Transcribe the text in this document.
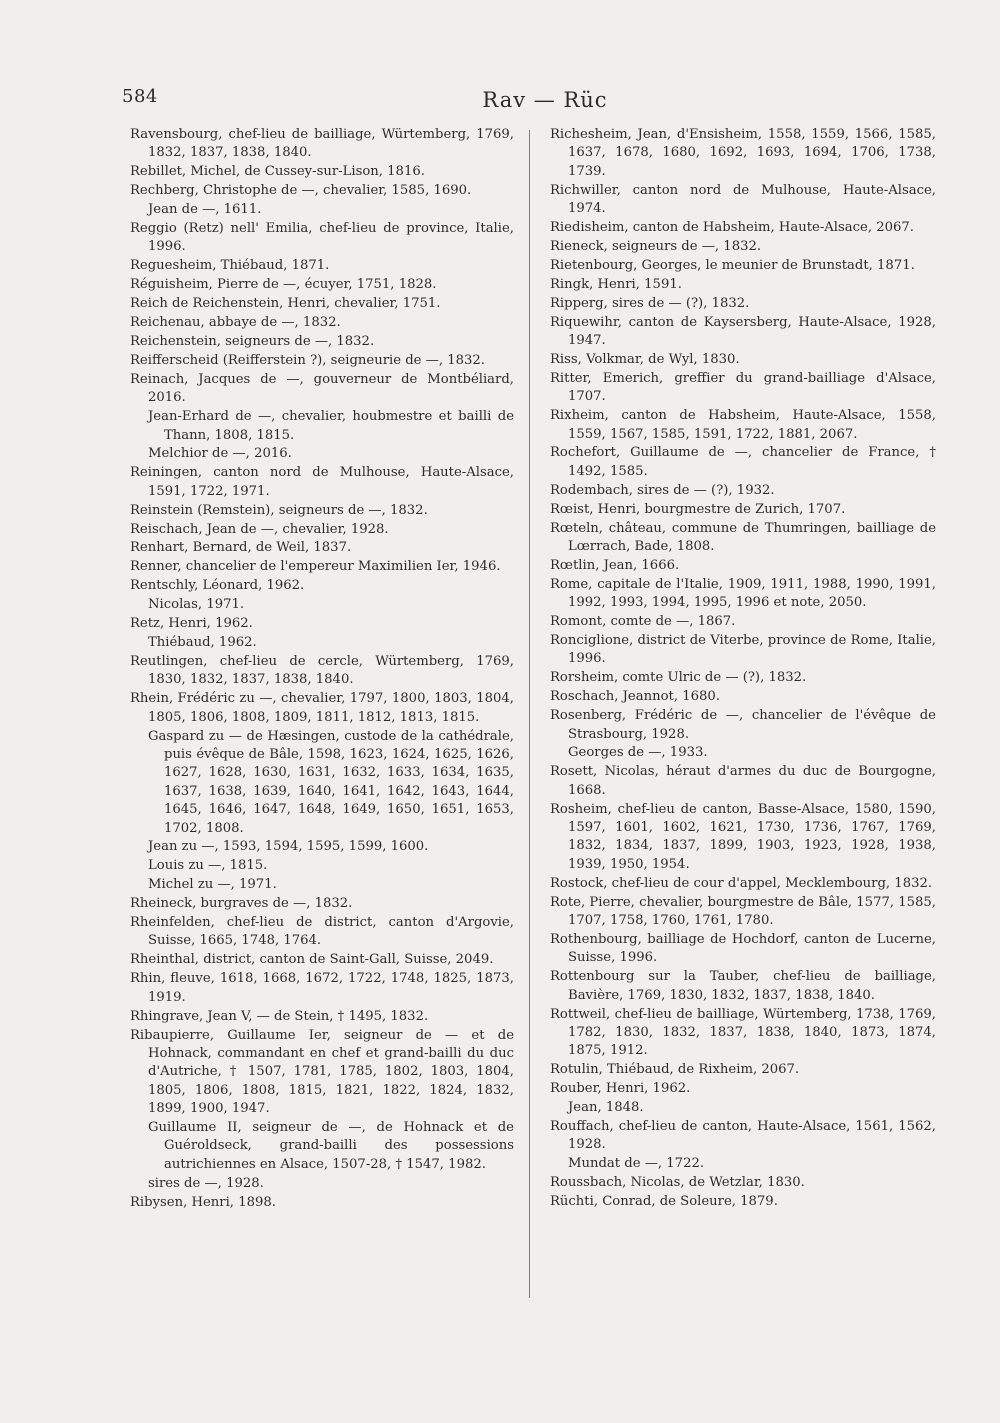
584	Rav — Rüc
Ravensbourg, chef-lieu de bailliage, Würtemberg, 1769, 1832, 1837, 1838, 1840.
Rebillet, Michel, de Cussey-sur-Lison, 1816.
Rechberg, Christophe de —, chevalier, 1585, 1690.
Jean de —, 1611.
Reggio (Retz) nell' Emilia, chef-lieu de province, Italie, 1996.
Reguesheim, Thiébaud, 1871.
Réguisheim, Pierre de —, écuyer, 1751, 1828.
Reich de Reichenstein, Henri, chevalier, 1751.
Reichenau, abbaye de —, 1832.
Reichenstein, seigneurs de —, 1832.
Reifferscheid (Reifferstein ?), seigneurie de —, 1832.
Reinach, Jacques de —, gouverneur de Montbéliard, 2016.
Jean-Erhard de —, chevalier, houbmestre et bailli de Thann, 1808, 1815.
Melchior de —, 2016.
Reiningen, canton nord de Mulhouse, Haute-Alsace, 1591, 1722, 1971.
Reinstein (Remstein), seigneurs de —, 1832.
Reischach, Jean de —, chevalier, 1928.
Renhart, Bernard, de Weil, 1837.
Renner, chancelier de l'empereur Maximilien Ier, 1946.
Rentschly, Léonard, 1962.
Nicolas, 1971.
Retz, Henri, 1962.
Thiébaud, 1962.
Reutlingen, chef-lieu de cercle, Würtemberg, 1769, 1830, 1832, 1837, 1838, 1840.
Rhein, Frédéric zu —, chevalier, 1797, 1800, 1803, 1804, 1805, 1806, 1808, 1809, 1811, 1812, 1813, 1815.
Gaspard zu — de Hæsingen, custode de la cathédrale, puis évêque de Bâle, 1598, 1623, 1624, 1625, 1626, 1627, 1628, 1630, 1631, 1632, 1633, 1634, 1635, 1637, 1638, 1639, 1640, 1641, 1642, 1643, 1644, 1645, 1646, 1647, 1648, 1649, 1650, 1651, 1653, 1702, 1808.
Jean zu —, 1593, 1594, 1595, 1599, 1600.
Louis zu —, 1815.
Michel zu —, 1971.
Rheineck, burgraves de —, 1832.
Rheinfelden, chef-lieu de district, canton d'Argovie, Suisse, 1665, 1748, 1764.
Rheinthal, district, canton de Saint-Gall, Suisse, 2049.
Rhin, fleuve, 1618, 1668, 1672, 1722, 1748, 1825, 1873, 1919.
Rhingrave, Jean V, — de Stein, † 1495, 1832.
Ribaupierre, Guillaume Ier, seigneur de — et de Hohnack, commandant en chef et grand-bailli du duc d'Autriche, † 1507, 1781, 1785, 1802, 1803, 1804, 1805, 1806, 1808, 1815, 1821, 1822, 1824, 1832, 1899, 1900, 1947.
Guillaume II, seigneur de —, de Hohnack et de Guéroldseck, grand-bailli des possessions autrichiennes en Alsace, 1507-28, † 1547, 1982.
sires de —, 1928.
Ribysen, Henri, 1898.
Richesheim, Jean, d'Ensisheim, 1558, 1559, 1566, 1585, 1637, 1678, 1680, 1692, 1693, 1694, 1706, 1738, 1739.
Richwiller, canton nord de Mulhouse, Haute-Alsace, 1974.
Riedisheim, canton de Habsheim, Haute-Alsace, 2067.
Rieneck, seigneurs de —, 1832.
Rietenbourg, Georges, le meunier de Brunstadt, 1871.
Ringk, Henri, 1591.
Ripperg, sires de — (?), 1832.
Riquewihr, canton de Kaysersberg, Haute-Alsace, 1928, 1947.
Riss, Volkmar, de Wyl, 1830.
Ritter, Emerich, greffier du grand-bailliage d'Alsace, 1707.
Rixheim, canton de Habsheim, Haute-Alsace, 1558, 1559, 1567, 1585, 1591, 1722, 1881, 2067.
Rochefort, Guillaume de —, chancelier de France, † 1492, 1585.
Rodembach, sires de — (?), 1932.
Rœist, Henri, bourgmestre de Zurich, 1707.
Rœteln, château, commune de Thumringen, bailliage de Lœrrach, Bade, 1808.
Rœtlin, Jean, 1666.
Rome, capitale de l'Italie, 1909, 1911, 1988, 1990, 1991, 1992, 1993, 1994, 1995, 1996 et note, 2050.
Romont, comte de —, 1867.
Ronciglione, district de Viterbe, province de Rome, Italie, 1996.
Rorsheim, comte Ulric de — (?), 1832.
Roschach, Jeannot, 1680.
Rosenberg, Frédéric de —, chancelier de l'évêque de Strasbourg, 1928.
Georges de —, 1933.
Rosett, Nicolas, héraut d'armes du duc de Bourgogne, 1668.
Rosheim, chef-lieu de canton, Basse-Alsace, 1580, 1590, 1597, 1601, 1602, 1621, 1730, 1736, 1767, 1769, 1832, 1834, 1837, 1899, 1903, 1923, 1928, 1938, 1939, 1950, 1954.
Rostock, chef-lieu de cour d'appel, Mecklembourg, 1832.
Rote, Pierre, chevalier, bourgmestre de Bâle, 1577, 1585, 1707, 1758, 1760, 1761, 1780.
Rothenbourg, bailliage de Hochdorf, canton de Lucerne, Suisse, 1996.
Rottenbourg sur la Tauber, chef-lieu de bailliage, Bavière, 1769, 1830, 1832, 1837, 1838, 1840.
Rottweil, chef-lieu de bailliage, Würtemberg, 1738, 1769, 1782, 1830, 1832, 1837, 1838, 1840, 1873, 1874, 1875, 1912.
Rotulin, Thiébaud, de Rixheim, 2067.
Rouber, Henri, 1962.
Jean, 1848.
Rouffach, chef-lieu de canton, Haute-Alsace, 1561, 1562, 1928.
Mundat de —, 1722.
Roussbach, Nicolas, de Wetzlar, 1830.
Rüchti, Conrad, de Soleure, 1879.
